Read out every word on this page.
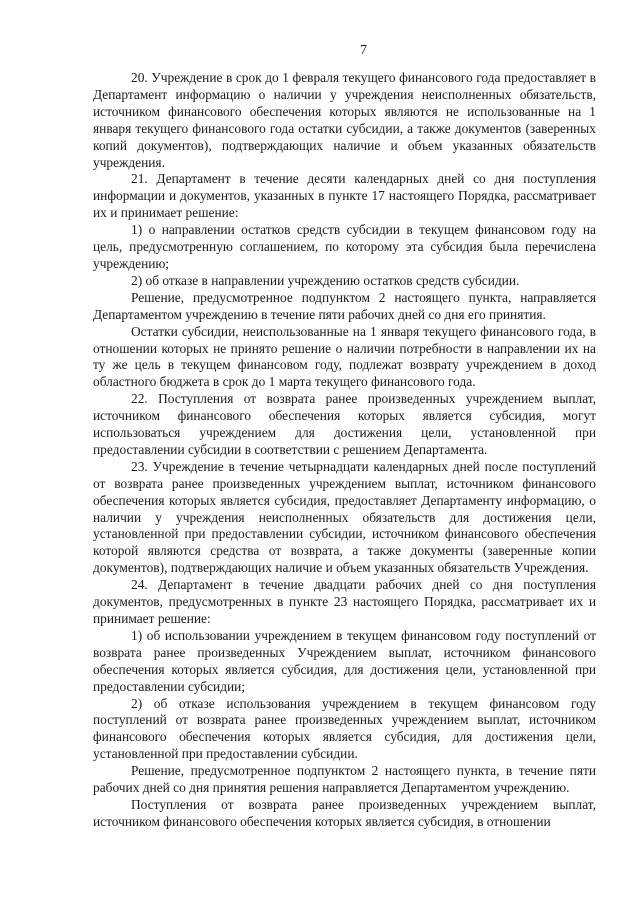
7

20. Учреждение в срок до 1 февраля текущего финансового года предоставляет в Департамент информацию о наличии у учреждения неисполненных обязательств, источником финансового обеспечения которых являются не использованные на 1 января текущего финансового года остатки субсидии, а также документов (заверенных копий документов), подтверждающих наличие и объем указанных обязательств учреждения.

21. Департамент в течение десяти календарных дней со дня поступления информации и документов, указанных в пункте 17 настоящего Порядка, рассматривает их и принимает решение:

1) о направлении остатков средств субсидии в текущем финансовом году на цель, предусмотренную соглашением, по которому эта субсидия была перечислена учреждению;

2) об отказе в направлении учреждению остатков средств субсидии.

Решение, предусмотренное подпунктом 2 настоящего пункта, направляется Департаментом учреждению в течение пяти рабочих дней со дня его принятия.

Остатки субсидии, неиспользованные на 1 января текущего финансового года, в отношении которых не принято решение о наличии потребности в направлении их на ту же цель в текущем финансовом году, подлежат возврату учреждением в доход областного бюджета в срок до 1 марта текущего финансового года.

22. Поступления от возврата ранее произведенных учреждением выплат, источником финансового обеспечения которых является субсидия, могут использоваться учреждением для достижения цели, установленной при предоставлении субсидии в соответствии с решением Департамента.

23. Учреждение в течение четырнадцати календарных дней после поступлений от возврата ранее произведенных учреждением выплат, источником финансового обеспечения которых является субсидия, предоставляет Департаменту информацию, о наличии у учреждения неисполненных обязательств для достижения цели, установленной при предоставлении субсидии, источником финансового обеспечения которой являются средства от возврата, а также документы (заверенные копии документов), подтверждающих наличие и объем указанных обязательств Учреждения.

24. Департамент в течение двадцати рабочих дней со дня поступления документов, предусмотренных в пункте 23 настоящего Порядка, рассматривает их и принимает решение:

1) об использовании учреждением в текущем финансовом году поступлений от возврата ранее произведенных Учреждением выплат, источником финансового обеспечения которых является субсидия, для достижения цели, установленной при предоставлении субсидии;

2) об отказе использования учреждением в текущем финансовом году поступлений от возврата ранее произведенных учреждением выплат, источником финансового обеспечения которых является субсидия, для достижения цели, установленной при предоставлении субсидии.

Решение, предусмотренное подпунктом 2 настоящего пункта, в течение пяти рабочих дней со дня принятия решения направляется Департаментом учреждению.

Поступления от возврата ранее произведенных учреждением выплат, источником финансового обеспечения которых является субсидия, в отношении
